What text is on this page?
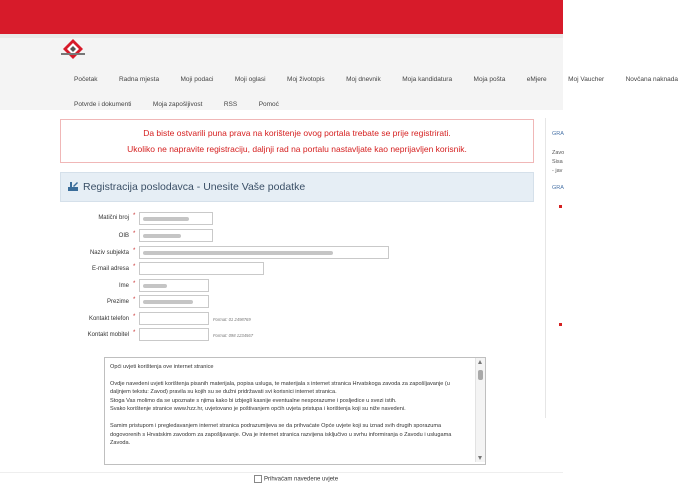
Početak	Radna mjesta	Moji podaci	Moji oglasi	Moj životopis	Moj dnevnik	Moja kandidatura	Moja pošta	eMjere	Moj Vaucher	Novčana naknada
Potvrde i dokumenti	Moja zapošljivost	RSS	Pomoć
Da biste ostvarili puna prava na korištenje ovog portala trebate se prije registrirati.
Ukoliko ne napravite registraciju, daljnji rad na portalu nastavljate kao neprijavljen korisnik.
GRA
Zavo
Sisa
- jav
GRA
Registracija poslodavca - Unesite Vaše podatke
Matični broj *
OIB *
Naziv subjekta *
E-mail adresa *
Ime *
Prezime *
Kontakt telefon *	Format: 01 2498769
Kontakt mobitel *	Format: 098 1234567

Opći uvjeti korištenja ove internet stranice

Ovdje navedeni uvjeti korištenja pisanih materijala, popisa usluga, te materijala s internet stranica Hrvatskoga zavoda za zapošljavanje (u daljnjem tekstu: Zavod) pravila su kojih su se dužni pridržavati svi korisnici internet stranica.

Stoga Vas molimo da se upoznate s njima kako bi izbjegli kasnije eventualne nesporazume i posljedice u svezi istih.

Svako korištenje stranice www.hzz.hr, uvjetovano je poštivanjem općih uvjeta pristupa i korištenja koji su niže navedeni.

Samim pristupom i pregledavanjem internet stranica podrazumijeva se da prihvaćate Opće uvjete koji su iznad svih drugih sporazuma dogovorenih s Hrvatskim zavodom za zapošljavanje. Ova je internet stranica razvijena isključivo u svrhu informiranja o Zavodu i uslugama Zavoda.

Prihvaćam navedene uvjete
